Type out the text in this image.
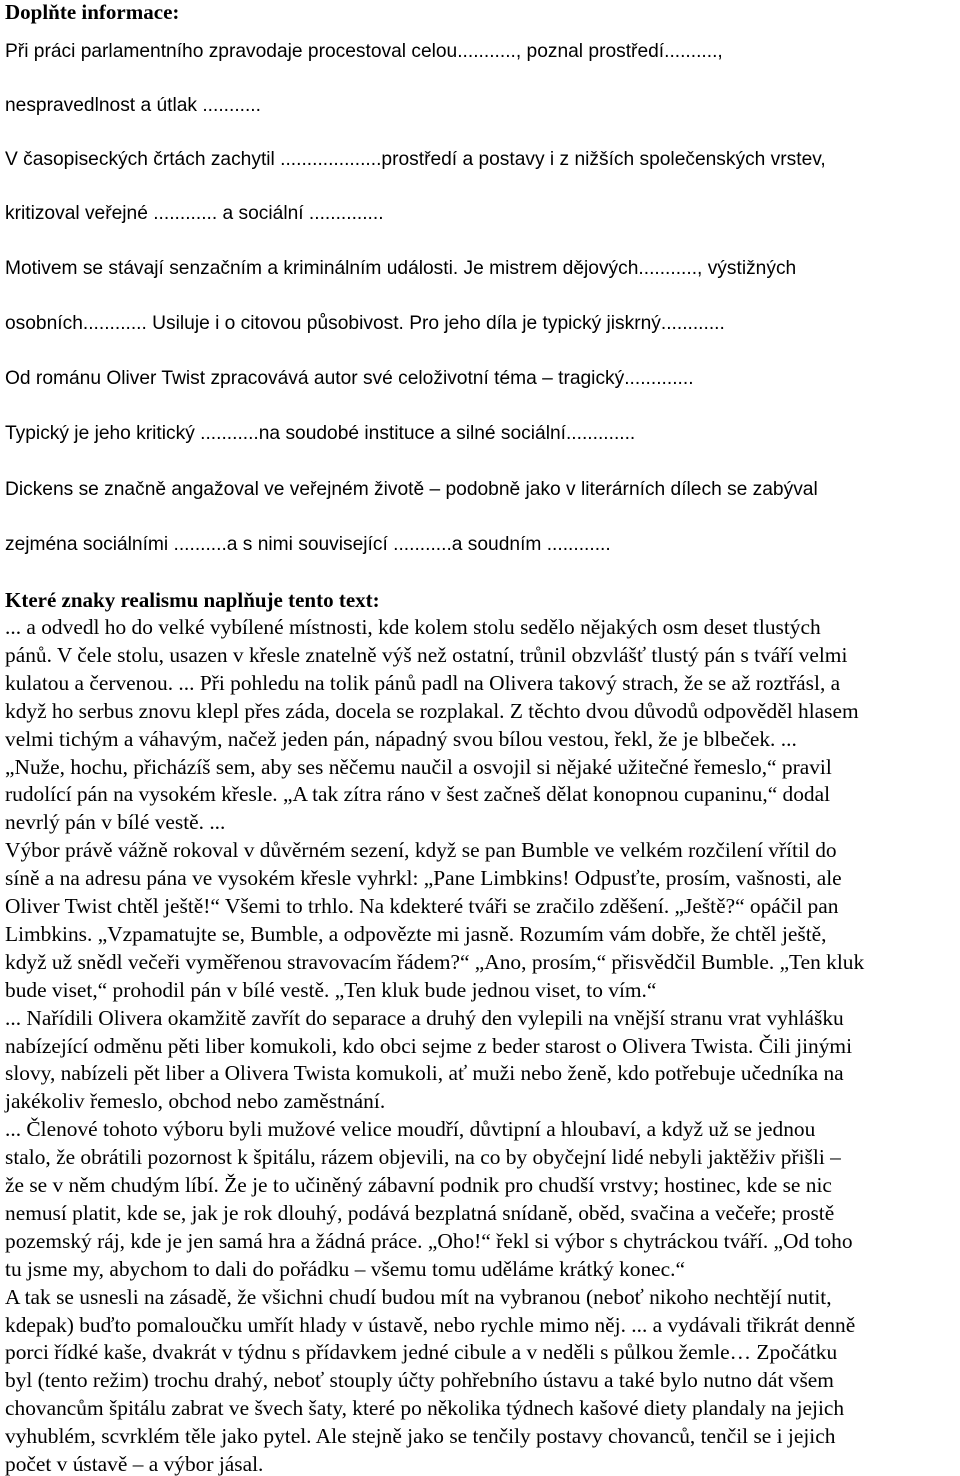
Doplňte informace:

Při práci parlamentního zpravodaje procestoval celou..........., poznal prostředí..........,

nespravedlnost a útlak ...........

V časopiseckých črtách zachytil ...................prostředí a postavy i z nižších společenských vrstev,

kritizoval veřejné ............ a sociální ..............

Motivem se stávají senzačním a kriminálním události. Je mistrem dějových..........., výstižných

osobních............ Usiluje i o citovou působivost. Pro jeho díla je typický jiskrný............

Od románu Oliver Twist zpracovává autor své celoživotní téma – tragický.............

Typický je jeho kritický ...........na soudobé instituce a silné sociální.............

Dickens se značně angažoval ve veřejném životě – podobně jako v literárních dílech se zabýval

zejména sociálními ..........a s nimi související ...........a soudním ............

Které znaky realismu naplňuje tento text:

... a odvedl ho do velké vybílené místnosti, kde kolem stolu sedělo nějakých osm deset tlustých

pánů. V čele stolu, usazen v křesle znatelně výš než ostatní, trůnil obzvlášť tlustý pán s tváří velmi

kulatou a červenou. ... Při pohledu na tolik pánů padl na Olivera takový strach, že se až roztřásl, a

když ho serbus znovu klepl přes záda, docela se rozplakal. Z těchto dvou důvodů odpověděl hlasem

velmi tichým a váhavým, načež jeden pán, nápadný svou bílou vestou, řekl, že je blbeček. ...

„Nuže, hochu, přicházíš sem, aby ses něčemu naučil a osvojil si nějaké užitečné řemeslo,“ pravil

rudolící pán na vysokém křesle. „A tak zítra ráno v šest začneš dělat konopnou cupaninu,“ dodal

nevrlý pán v bílé vestě. ...

Výbor právě vážně rokoval v důvěrném sezení, když se pan Bumble ve velkém rozčilení vřítil do

síně a na adresu pána ve vysokém křesle vyhrkl: „Pane Limbkins! Odpusťte, prosím, vašnosti, ale

Oliver Twist chtěl ještě!“ Všemi to trhlo. Na kdekteré tváři se zračilo zděšení. „Ještě?“ opáčil pan

Limbkins. „Vzpamatujte se, Bumble, a odpovězte mi jasně. Rozumím vám dobře, že chtěl ještě,

když už snědl večeři vyměřenou stravovacím řádem?“ „Ano, prosím,“ přisvědčil Bumble. „Ten kluk

bude viset,“ prohodil pán v bílé vestě. „Ten kluk bude jednou viset, to vím.“

... Nařídili Olivera okamžitě zavřít do separace a druhý den vylepili na vnější stranu vrat vyhlášku

nabízející odměnu pěti liber komukoli, kdo obci sejme z beder starost o Olivera Twista. Čili jinými

slovy, nabízeli pět liber a Olivera Twista komukoli, ať muži nebo ženě, kdo potřebuje učedníka na

jakékoliv řemeslo, obchod nebo zaměstnání.

... Členové tohoto výboru byli mužové velice moudří, důvtipní a hloubaví, a když už se jednou

stalo, že obrátili pozornost k špitálu, rázem objevili, na co by obyčejní lidé nebyli jaktěživ přišli –

že se v něm chudým líbí. Že je to učiněný zábavní podnik pro chudší vrstvy; hostinec, kde se nic

nemusí platit, kde se, jak je rok dlouhý, podává bezplatná snídaně, oběd, svačina a večeře; prostě

pozemský ráj, kde je jen samá hra a žádná práce. „Oho!“ řekl si výbor s chytráckou tváří. „Od toho

tu jsme my, abychom to dali do pořádku – všemu tomu uděláme krátký konec.“

A tak se usnesli na zásadě, že všichni chudí budou mít na vybranou (neboť nikoho nechtějí nutit,

kdepak) buďto pomaloučku umřít hlady v ústavě, nebo rychle mimo něj. ... a vydávali třikrát denně

porci řídké kaše, dvakrát v týdnu s přídavkem jedné cibule a v neděli s půlkou žemle… Zpočátku

byl (tento režim) trochu drahý, neboť stouply účty pohřebního ústavu a také bylo nutno dát všem

chovancům špitálu zabrat ve švech šaty, které po několika týdnech kašové diety plandaly na jejich

vyhublém, scvrklém těle jako pytel. Ale stejně jako se tenčily postavy chovanců, tenčil se i jejich

počet v ústavě – a výbor jásal.
